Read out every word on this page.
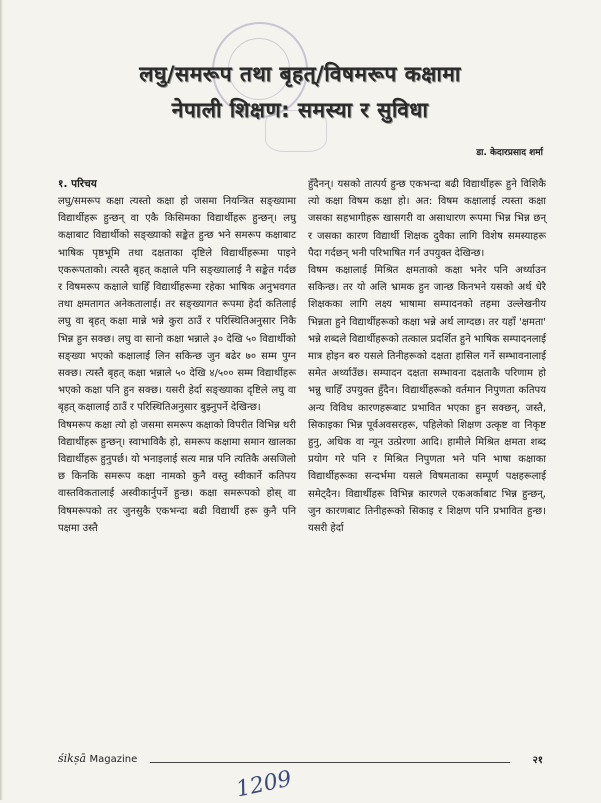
लघु/समरूप तथा बृहत्/विषमरूप कक्षामा
नेपाली शिक्षण: समस्या र सुविधा
डा. केदारप्रसाद शर्मा
१. परिचय

लघु/समरूप कक्षा त्यस्तो कक्षा हो जसमा नियन्त्रित सङ्ख्यामा विद्यार्थीहरू हुन्छन् वा एकै किसिमका विद्यार्थीहरू हुन्छन्। लघु कक्षाबाट विद्यार्थीको सङ्ख्याको सङ्केत हुन्छ भने समरूप कक्षाबाट भाषिक पृष्ठभूमि तथा दक्षताका दृष्टिले विद्यार्थीहरूमा पाइने एकरूपताको। त्यस्तै बृहत् कक्षाले पनि सङ्ख्यालाई नै सङ्केत गर्दछ र विषमरूप कक्षाले चाहिँ विद्यार्थीहरूमा रहेका भाषिक अनुभवगत तथा क्षमतागत अनेकतालाई। तर सङ्ख्यागत रूपमा हेर्दा कतिलाई लघु वा बृहत् कक्षा मान्ने भन्ने कुरा ठाउँ र परिस्थितिअनुसार निकै भिन्न हुन सक्छ। लघु वा सानो कक्षा भन्नाले ३० देखि ५० विद्यार्थीको सङ्ख्या भएको कक्षालाई लिन सकिन्छ जुन बढेर ७० सम्म पुग्न सक्छ। त्यस्तै बृहत् कक्षा भन्नाले ५० देखि ४/५०० सम्म विद्यार्थीहरू भएको कक्षा पनि हुन सक्छ। यसरी हेर्दा सङ्ख्याका दृष्टिले लघु वा बृहत् कक्षालाई ठाउँ र परिस्थितिअनुसार बुझ्नुपर्ने देखिन्छ।

विषमरूप कक्षा त्यो हो जसमा समरूप कक्षाको विपरीत विभिन्न थरी विद्यार्थीहरू हुन्छन्। स्वाभाविकै हो, समरूप कक्षामा समान खालका विद्यार्थीहरू हुनुपर्छ। यो भनाइलाई सत्य मान्न पनि त्यतिकै असजिलो छ किनकि समरूप कक्षा नामको कुनै वस्तु स्वीकार्ने कतिपय वास्तविकतालाई अस्वीकार्नुपर्ने हुन्छ। कक्षा समरूपको होस् वा विषमरूपको तर जुनसुकै एकभन्दा बढी विद्यार्थी हरू कुनै पनि पक्षमा उस्तै

हुँदैनन्। यसको तात्पर्य हुन्छ एकभन्दा बढी विद्यार्थीहरू हुने विशिकै त्यो कक्षा विषम कक्षा हो। अत: विषम कक्षालाई त्यस्ता कक्षा जसका सहभागीहरू खासगरी वा असाधारण रूपमा भिन्न भिन्न छन् र जसका कारण विद्यार्थी शिक्षक दुवैका लागि विशेष समस्याहरू पैदा गर्दछन् भनी परिभाषित गर्न उपयुक्त देखिन्छ।

विषम कक्षालाई मिश्रित क्षमताको कक्षा भनेर पनि अर्थ्याउन सकिन्छ। तर यो अलि भ्रामक हुन जान्छ किनभने यसको अर्थ धेरै शिक्षकका लागि लक्ष्य भाषामा सम्पादनको तहमा उल्लेखनीय भिन्नता हुने विद्यार्थीहरूको कक्षा भन्ने अर्थ लाग्दछ। तर यहाँ 'क्षमता' भन्ने शब्दले विद्यार्थीहरूको तत्काल प्रदर्शित हुने भाषिक सम्पादनलाई मात्र होइन बरु यसले तिनीहरूको दक्षता हासिल गर्ने सम्भावनालाई समेत अर्थ्याउँछ। सम्पादन दक्षता सम्भावना दक्षताकै परिणाम हो भन्नु चाहिँ उपयुक्त हुँदैन। विद्यार्थीहरूको वर्तमान निपुणता कतिपय अन्य विविध कारणहरूबाट प्रभावित भएका हुन सक्छन्, जस्तै, सिकाइका भिन्न पूर्वअवसरहरू, पहिलेको शिक्षण उत्कृष्ट वा निकृष्ट हुनु, अधिक वा न्यून उत्प्रेरणा आदि। हामीले मिश्रित क्षमता शब्द प्रयोग गरे पनि र मिश्रित निपुणता भने पनि भाषा कक्षाका विद्यार्थीहरूका सन्दर्भमा यसले विषमताका सम्पूर्ण पक्षहरूलाई समेट्दैन। विद्यार्थीहरू विभिन्न कारणले एकअर्काबाट भिन्न हुन्छन्, जुन कारणबाट तिनीहरूको सिकाइ र शिक्षण पनि प्रभावित हुन्छ। यसरी हेर्दा

śikṣā Magazine	२१
1209
